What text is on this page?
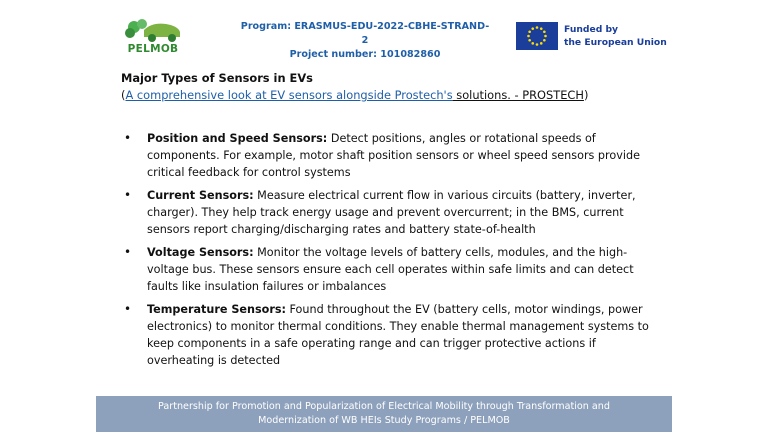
PELMOB
Program: ERASMUS-EDU-2022-CBHE-STRAND-2
Project number: 101082860
Funded by
the European Union
Major Types of Sensors in EVs
(A comprehensive look at EV sensors alongside Prostech's solutions. - PROSTECH)
• Position and Speed Sensors: Detect positions, angles or rotational speeds of components. For example, motor shaft position sensors or wheel speed sensors provide critical feedback for control systems
• Current Sensors: Measure electrical current flow in various circuits (battery, inverter, charger). They help track energy usage and prevent overcurrent; in the BMS, current sensors report charging/discharging rates and battery state-of-health
• Voltage Sensors: Monitor the voltage levels of battery cells, modules, and the high-voltage bus. These sensors ensure each cell operates within safe limits and can detect faults like insulation failures or imbalances
• Temperature Sensors: Found throughout the EV (battery cells, motor windings, power electronics) to monitor thermal conditions. They enable thermal management systems to keep components in a safe operating range and can trigger protective actions if overheating is detected
Partnership for Promotion and Popularization of Electrical Mobility through Transformation and
Modernization of WB HEIs Study Programs / PELMOB
